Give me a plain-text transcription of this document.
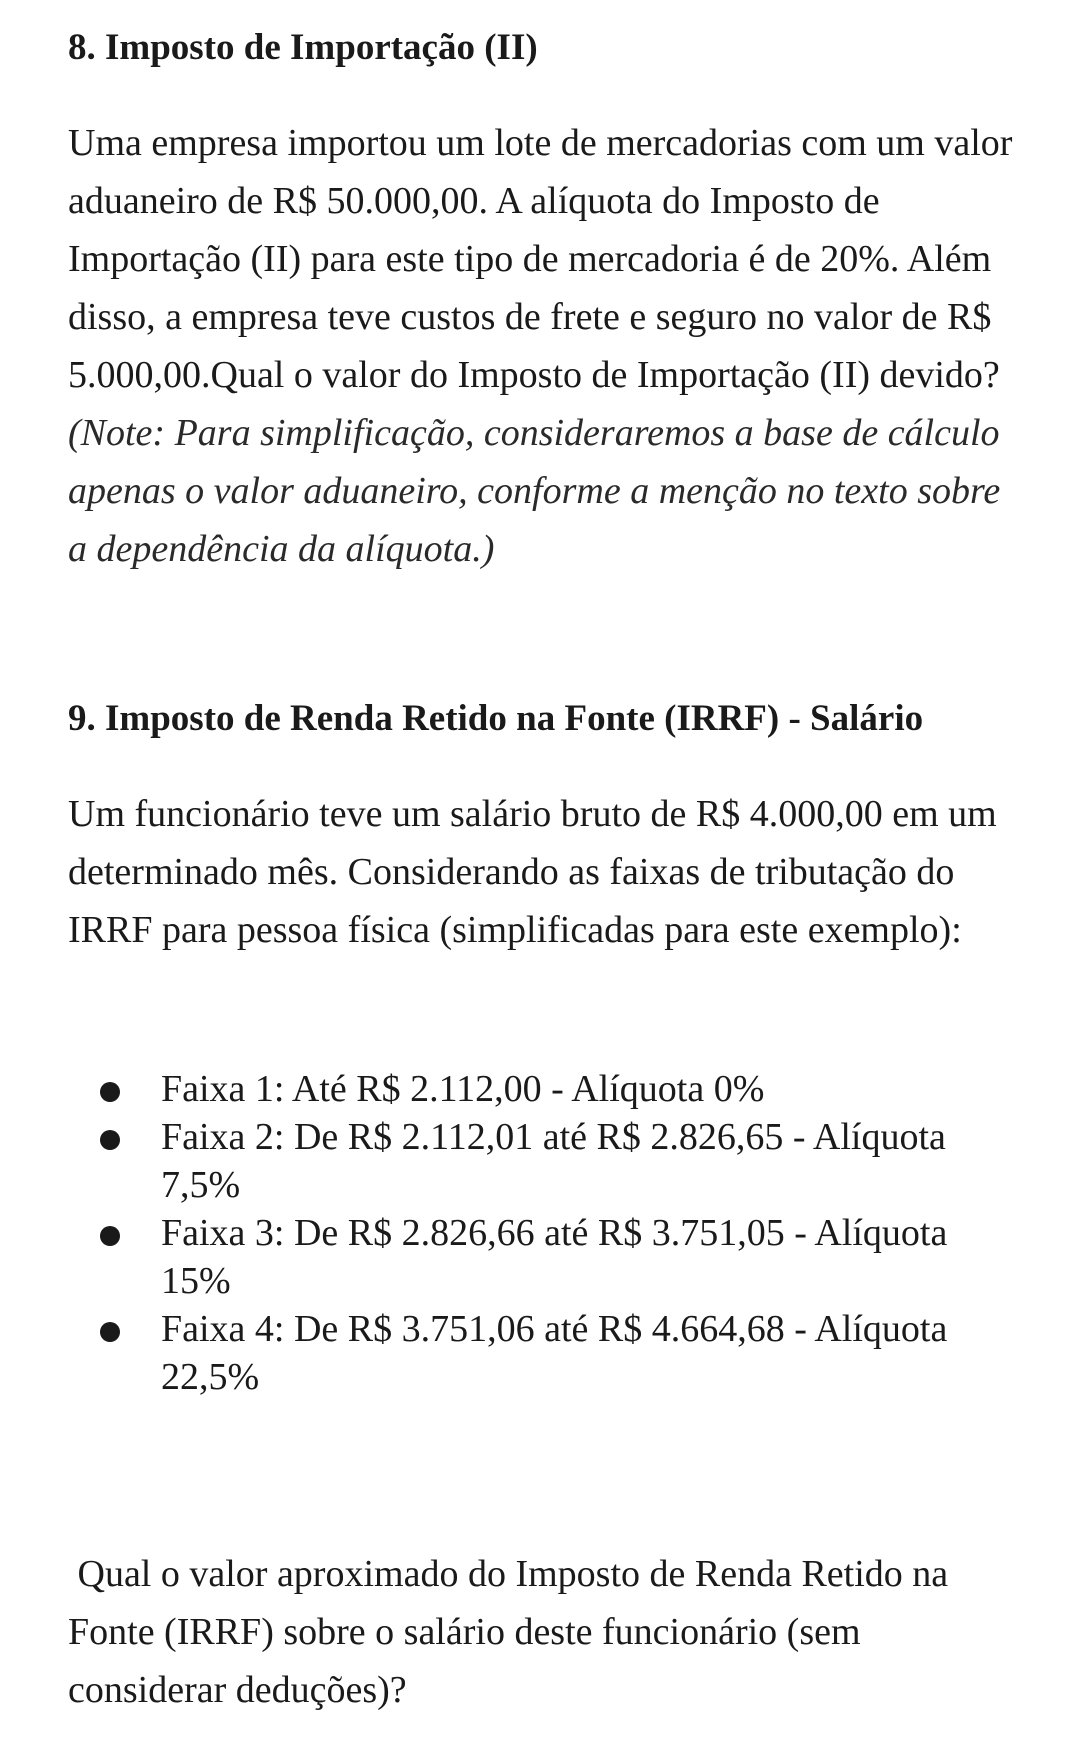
8. Imposto de Importação (II)

Uma empresa importou um lote de mercadorias com um valor aduaneiro de R$ 50.000,00. A alíquota do Imposto de Importação (II) para este tipo de mercadoria é de 20%. Além disso, a empresa teve custos de frete e seguro no valor de R$ 5.000,00.Qual o valor do Imposto de Importação (II) devido?

(Note: Para simplificação, consideraremos a base de cálculo apenas o valor aduaneiro, conforme a menção no texto sobre a dependência da alíquota.)

9. Imposto de Renda Retido na Fonte (IRRF) - Salário

Um funcionário teve um salário bruto de R$ 4.000,00 em um determinado mês. Considerando as faixas de tributação do IRRF para pessoa física (simplificadas para este exemplo):

Faixa 1: Até R$ 2.112,00 - Alíquota 0%
Faixa 2: De R$ 2.112,01 até R$ 2.826,65 - Alíquota 7,5%
Faixa 3: De R$ 2.826,66 até R$ 3.751,05 - Alíquota 15%
Faixa 4: De R$ 3.751,06 até R$ 4.664,68 - Alíquota 22,5%

Qual o valor aproximado do Imposto de Renda Retido na Fonte (IRRF) sobre o salário deste funcionário (sem considerar deduções)?
